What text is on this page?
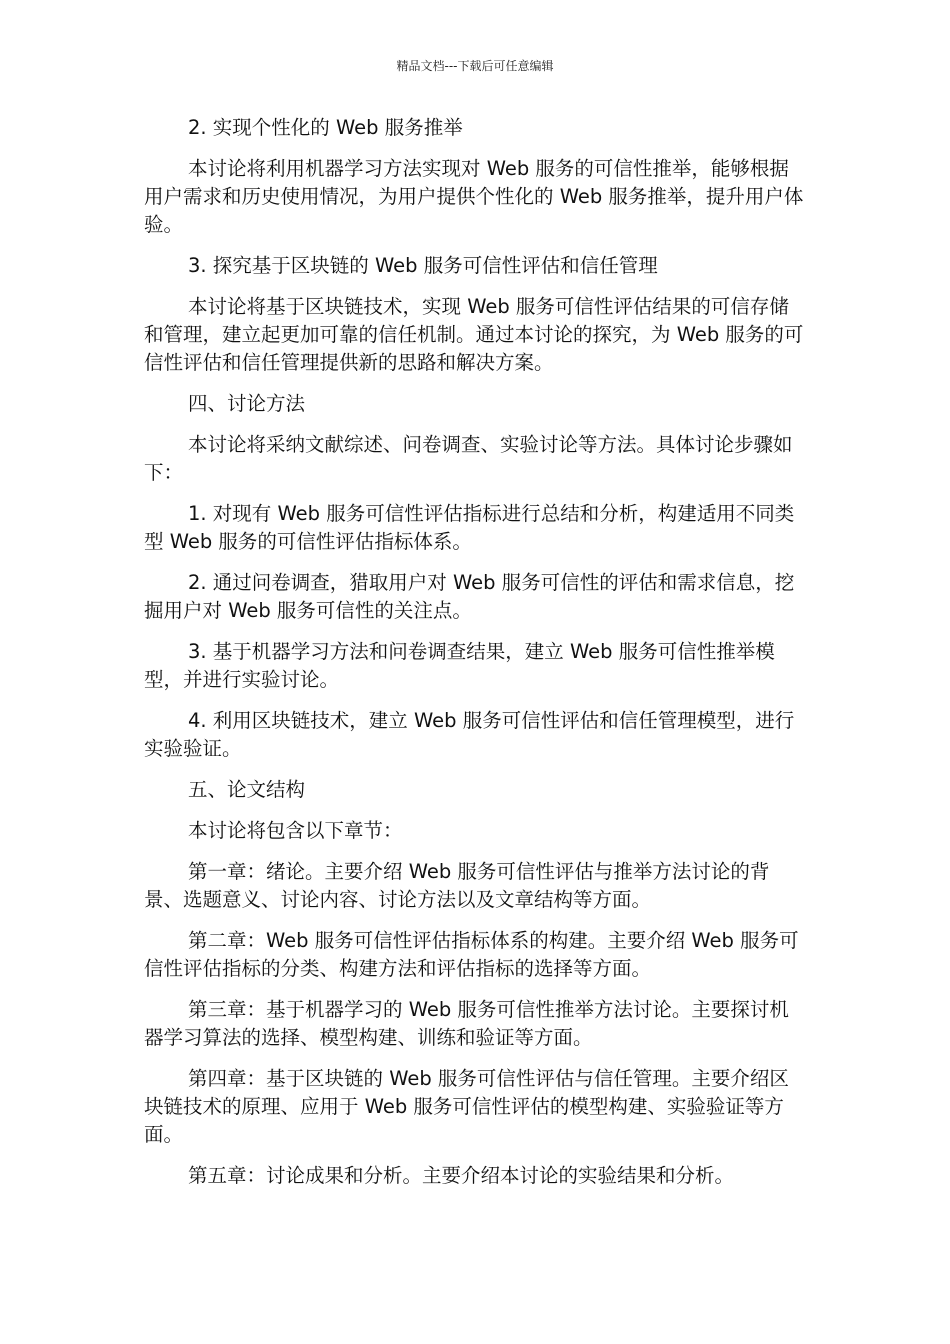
精品文档---下载后可任意编辑

2. 实现个性化的 Web 服务推举

本讨论将利用机器学习方法实现对 Web 服务的可信性推举，能够根据用户需求和历史使用情况，为用户提供个性化的 Web 服务推举，提升用户体验。

3. 探究基于区块链的 Web 服务可信性评估和信任管理

本讨论将基于区块链技术，实现 Web 服务可信性评估结果的可信存储和管理，建立起更加可靠的信任机制。通过本讨论的探究，为 Web 服务的可信性评估和信任管理提供新的思路和解决方案。

四、讨论方法

本讨论将采纳文献综述、问卷调查、实验讨论等方法。具体讨论步骤如下：

1. 对现有 Web 服务可信性评估指标进行总结和分析，构建适用不同类型 Web 服务的可信性评估指标体系。

2. 通过问卷调查，猎取用户对 Web 服务可信性的评估和需求信息，挖掘用户对 Web 服务可信性的关注点。

3. 基于机器学习方法和问卷调查结果，建立 Web 服务可信性推举模型，并进行实验讨论。

4. 利用区块链技术，建立 Web 服务可信性评估和信任管理模型，进行实验验证。

五、论文结构

本讨论将包含以下章节：

第一章：绪论。主要介绍 Web 服务可信性评估与推举方法讨论的背景、选题意义、讨论内容、讨论方法以及文章结构等方面。

第二章：Web 服务可信性评估指标体系的构建。主要介绍 Web 服务可信性评估指标的分类、构建方法和评估指标的选择等方面。

第三章：基于机器学习的 Web 服务可信性推举方法讨论。主要探讨机器学习算法的选择、模型构建、训练和验证等方面。

第四章：基于区块链的 Web 服务可信性评估与信任管理。主要介绍区块链技术的原理、应用于 Web 服务可信性评估的模型构建、实验验证等方面。

第五章：讨论成果和分析。主要介绍本讨论的实验结果和分析。
